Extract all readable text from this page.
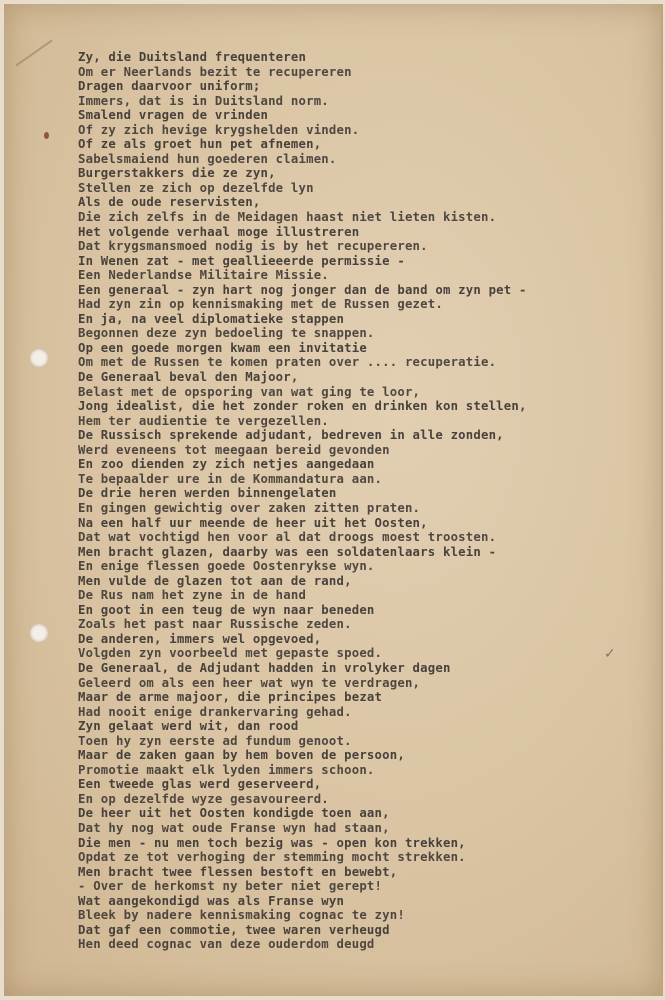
✓
Zy, die Duitsland frequenteren
Om er Neerlands bezit te recupereren
Dragen daarvoor uniform;
Immers, dat is in Duitsland norm.
Smalend vragen de vrinden
Of zy zich hevige krygshelden vinden.
Of ze als groet hun pet afnemen,
Sabelsmaiend hun goederen claimen.
Burgerstakkers die ze zyn,
Stellen ze zich op dezelfde lyn
Als de oude reservisten,
Die zich zelfs in de Meidagen haast niet lieten kisten.
Het volgende verhaal moge illustreren
Dat krygsmansmoed nodig is by het recupereren.
In Wenen zat - met geallieeerde permissie -
Een Nederlandse Militaire Missie.
Een generaal - zyn hart nog jonger dan de band om zyn pet -
Had zyn zin op kennismaking met de Russen gezet.
En ja, na veel diplomatieke stappen
Begonnen deze zyn bedoeling te snappen.
Op een goede morgen kwam een invitatie
Om met de Russen te komen praten over .... recuperatie.
De Generaal beval den Majoor,
Belast met de opsporing van wat ging te loor,
Jong idealist, die het zonder roken en drinken kon stellen,
Hem ter audientie te vergezellen.
De Russisch sprekende adjudant, bedreven in alle zonden,
Werd eveneens tot meegaan bereid gevonden
En zoo dienden zy zich netjes aangedaan
Te bepaalder ure in de Kommandatura aan.
De drie heren werden binnengelaten
En gingen gewichtig over zaken zitten praten.
Na een half uur meende de heer uit het Oosten,
Dat wat vochtigd hen voor al dat droogs moest troosten.
Men bracht glazen, daarby was een soldatenlaars klein -
En enige flessen goede Oostenrykse wyn.
Men vulde de glazen tot aan de rand,
De Rus nam het zyne in de hand
En goot in een teug de wyn naar beneden
Zoals het past naar Russische zeden.
De anderen, immers wel opgevoed,
Volgden zyn voorbeeld met gepaste spoed.
De Generaal, de Adjudant hadden in vrolyker dagen
Geleerd om als een heer wat wyn te verdragen,
Maar de arme majoor, die principes bezat
Had nooit enige drankervaring gehad.
Zyn gelaat werd wit, dan rood
Toen hy zyn eerste ad fundum genoot.
Maar de zaken gaan by hem boven de persoon,
Promotie maakt elk lyden immers schoon.
Een tweede glas werd geserveerd,
En op dezelfde wyze gesavoureerd.
De heer uit het Oosten kondigde toen aan,
Dat hy nog wat oude Franse wyn had staan,
Die men - nu men toch bezig was - open kon trekken,
Opdat ze tot verhoging der stemming mocht strekken.
Men bracht twee flessen bestoft en bewebt,
- Over de herkomst ny beter niet gerept!
Wat aangekondigd was als Franse wyn
Bleek by nadere kennismaking cognac te zyn!
Dat gaf een commotie, twee waren verheugd
Hen deed cognac van deze ouderdom deugd
